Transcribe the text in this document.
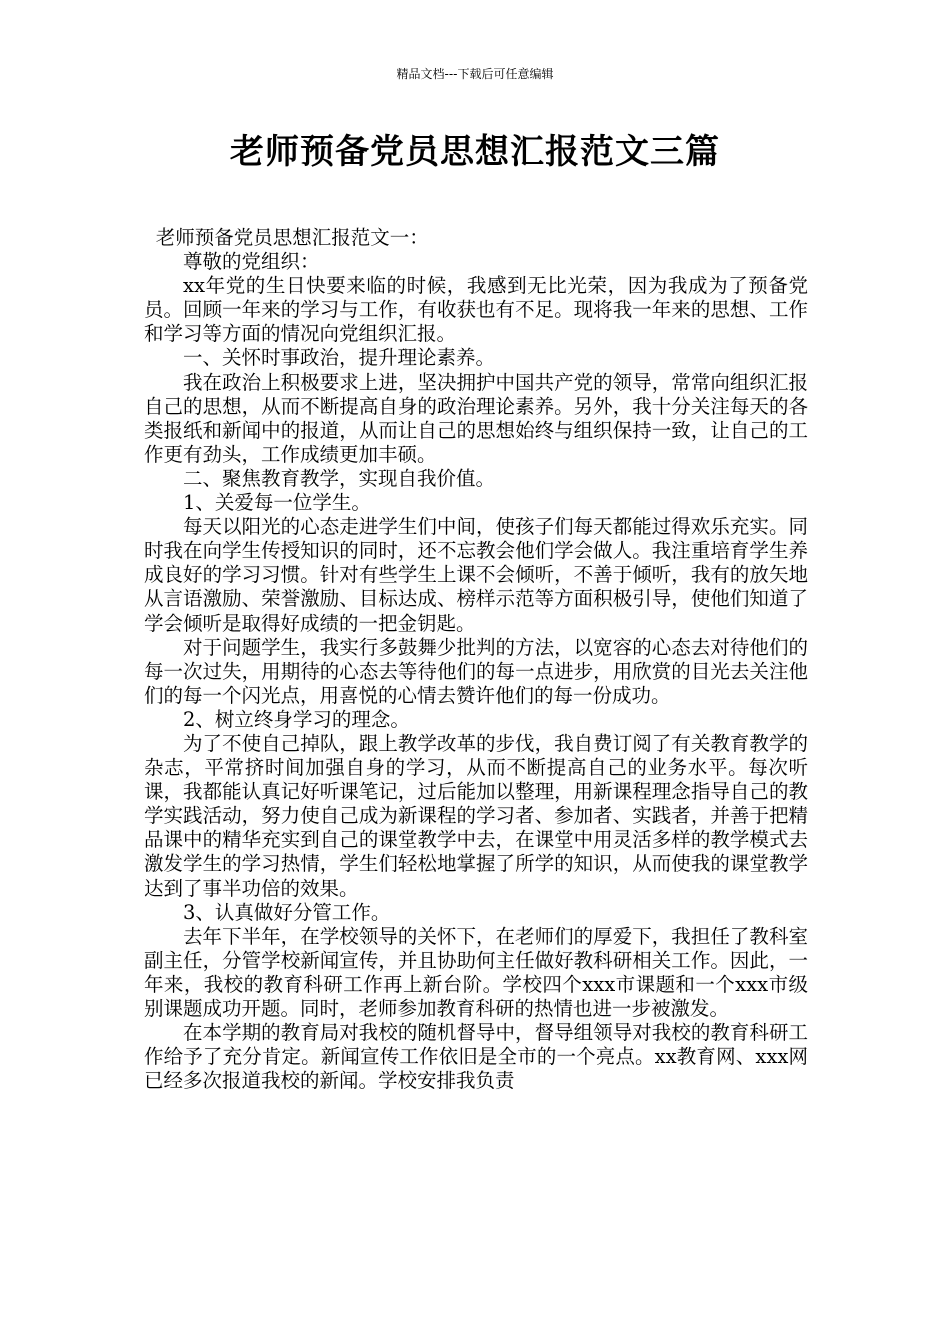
精品文档---下载后可任意编辑
老师预备党员思想汇报范文三篇

老师预备党员思想汇报范文一：

尊敬的党组织：

xx年党的生日快要来临的时候，我感到无比光荣，因为我成为了预备党员。回顾一年来的学习与工作，有收获也有不足。现将我一年来的思想、工作和学习等方面的情况向党组织汇报。

一、关怀时事政治，提升理论素养。

我在政治上积极要求上进，坚决拥护中国共产党的领导，常常向组织汇报自己的思想，从而不断提高自身的政治理论素养。另外，我十分关注每天的各类报纸和新闻中的报道，从而让自己的思想始终与组织保持一致，让自己的工作更有劲头，工作成绩更加丰硕。

二、聚焦教育教学，实现自我价值。

1、关爱每一位学生。

每天以阳光的心态走进学生们中间，使孩子们每天都能过得欢乐充实。同时我在向学生传授知识的同时，还不忘教会他们学会做人。我注重培育学生养成良好的学习习惯。针对有些学生上课不会倾听，不善于倾听，我有的放矢地从言语激励、荣誉激励、目标达成、榜样示范等方面积极引导，使他们知道了学会倾听是取得好成绩的一把金钥匙。

对于问题学生，我实行多鼓舞少批判的方法，以宽容的心态去对待他们的每一次过失，用期待的心态去等待他们的每一点进步，用欣赏的目光去关注他们的每一个闪光点，用喜悦的心情去赞许他们的每一份成功。

2、树立终身学习的理念。

为了不使自己掉队，跟上教学改革的步伐，我自费订阅了有关教育教学的杂志，平常挤时间加强自身的学习，从而不断提高自己的业务水平。每次听课，我都能认真记好听课笔记，过后能加以整理，用新课程理念指导自己的教学实践活动，努力使自己成为新课程的学习者、参加者、实践者，并善于把精品课中的精华充实到自己的课堂教学中去，在课堂中用灵活多样的教学模式去激发学生的学习热情，学生们轻松地掌握了所学的知识，从而使我的课堂教学达到了事半功倍的效果。

3、认真做好分管工作。

去年下半年，在学校领导的关怀下，在老师们的厚爱下，我担任了教科室副主任，分管学校新闻宣传，并且协助何主任做好教科研相关工作。因此，一年来，我校的教育科研工作再上新台阶。学校四个xxx市课题和一个xxx市级别课题成功开题。同时，老师参加教育科研的热情也进一步被激发。

在本学期的教育局对我校的随机督导中，督导组领导对我校的教育科研工作给予了充分肯定。新闻宣传工作依旧是全市的一个亮点。xx教育网、xxx网已经多次报道我校的新闻。学校安排我负责
